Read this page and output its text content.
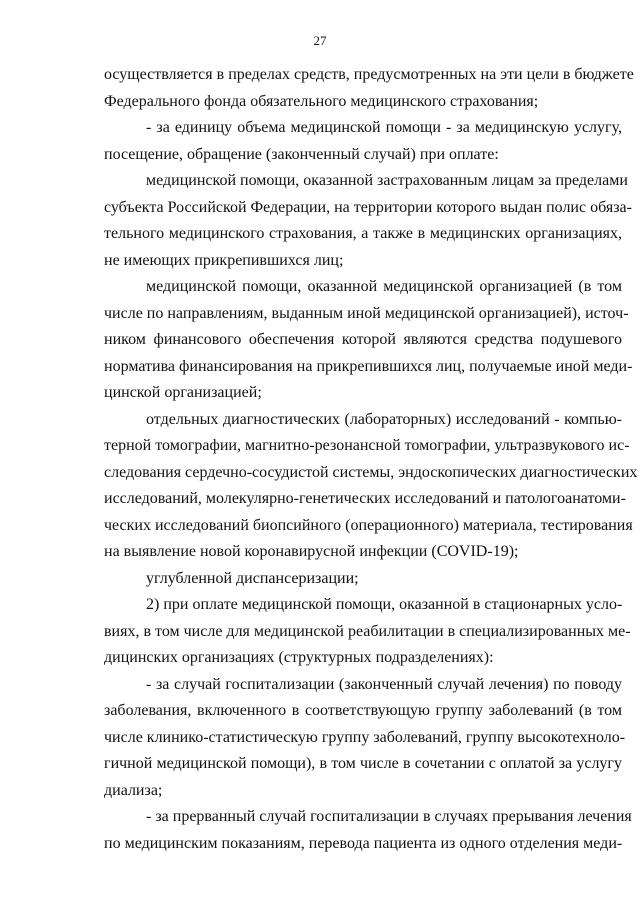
27
осуществляется в пределах средств, предусмотренных на эти цели в бюджете
Федерального фонда обязательного медицинского страхования;
- за единицу объема медицинской помощи - за медицинскую услугу,
посещение, обращение (законченный случай) при оплате:
медицинской помощи, оказанной застрахованным лицам за пределами
субъекта Российской Федерации, на территории которого выдан полис обяза-
тельного медицинского страхования, а также в медицинских организациях,
не имеющих прикрепившихся лиц;
медицинской помощи, оказанной медицинской организацией (в том
числе по направлениям, выданным иной медицинской организацией), источ-
ником финансового обеспечения которой являются средства подушевого
норматива финансирования на прикрепившихся лиц, получаемые иной меди-
цинской организацией;
отдельных диагностических (лабораторных) исследований - компью-
терной томографии, магнитно-резонансной томографии, ультразвукового ис-
следования сердечно-сосудистой системы, эндоскопических диагностических
исследований, молекулярно-генетических исследований и патологоанатоми-
ческих исследований биопсийного (операционного) материала, тестирования
на выявление новой коронавирусной инфекции (COVID-19);
углубленной диспансеризации;
2) при оплате медицинской помощи, оказанной в стационарных усло-
виях, в том числе для медицинской реабилитации в специализированных ме-
дицинских организациях (структурных подразделениях):
- за случай госпитализации (законченный случай лечения) по поводу
заболевания, включенного в соответствующую группу заболеваний (в том
числе клинико-статистическую группу заболеваний, группу высокотехноло-
гичной медицинской помощи), в том числе в сочетании с оплатой за услугу
диализа;
- за прерванный случай госпитализации в случаях прерывания лечения
по медицинским показаниям, перевода пациента из одного отделения меди-
